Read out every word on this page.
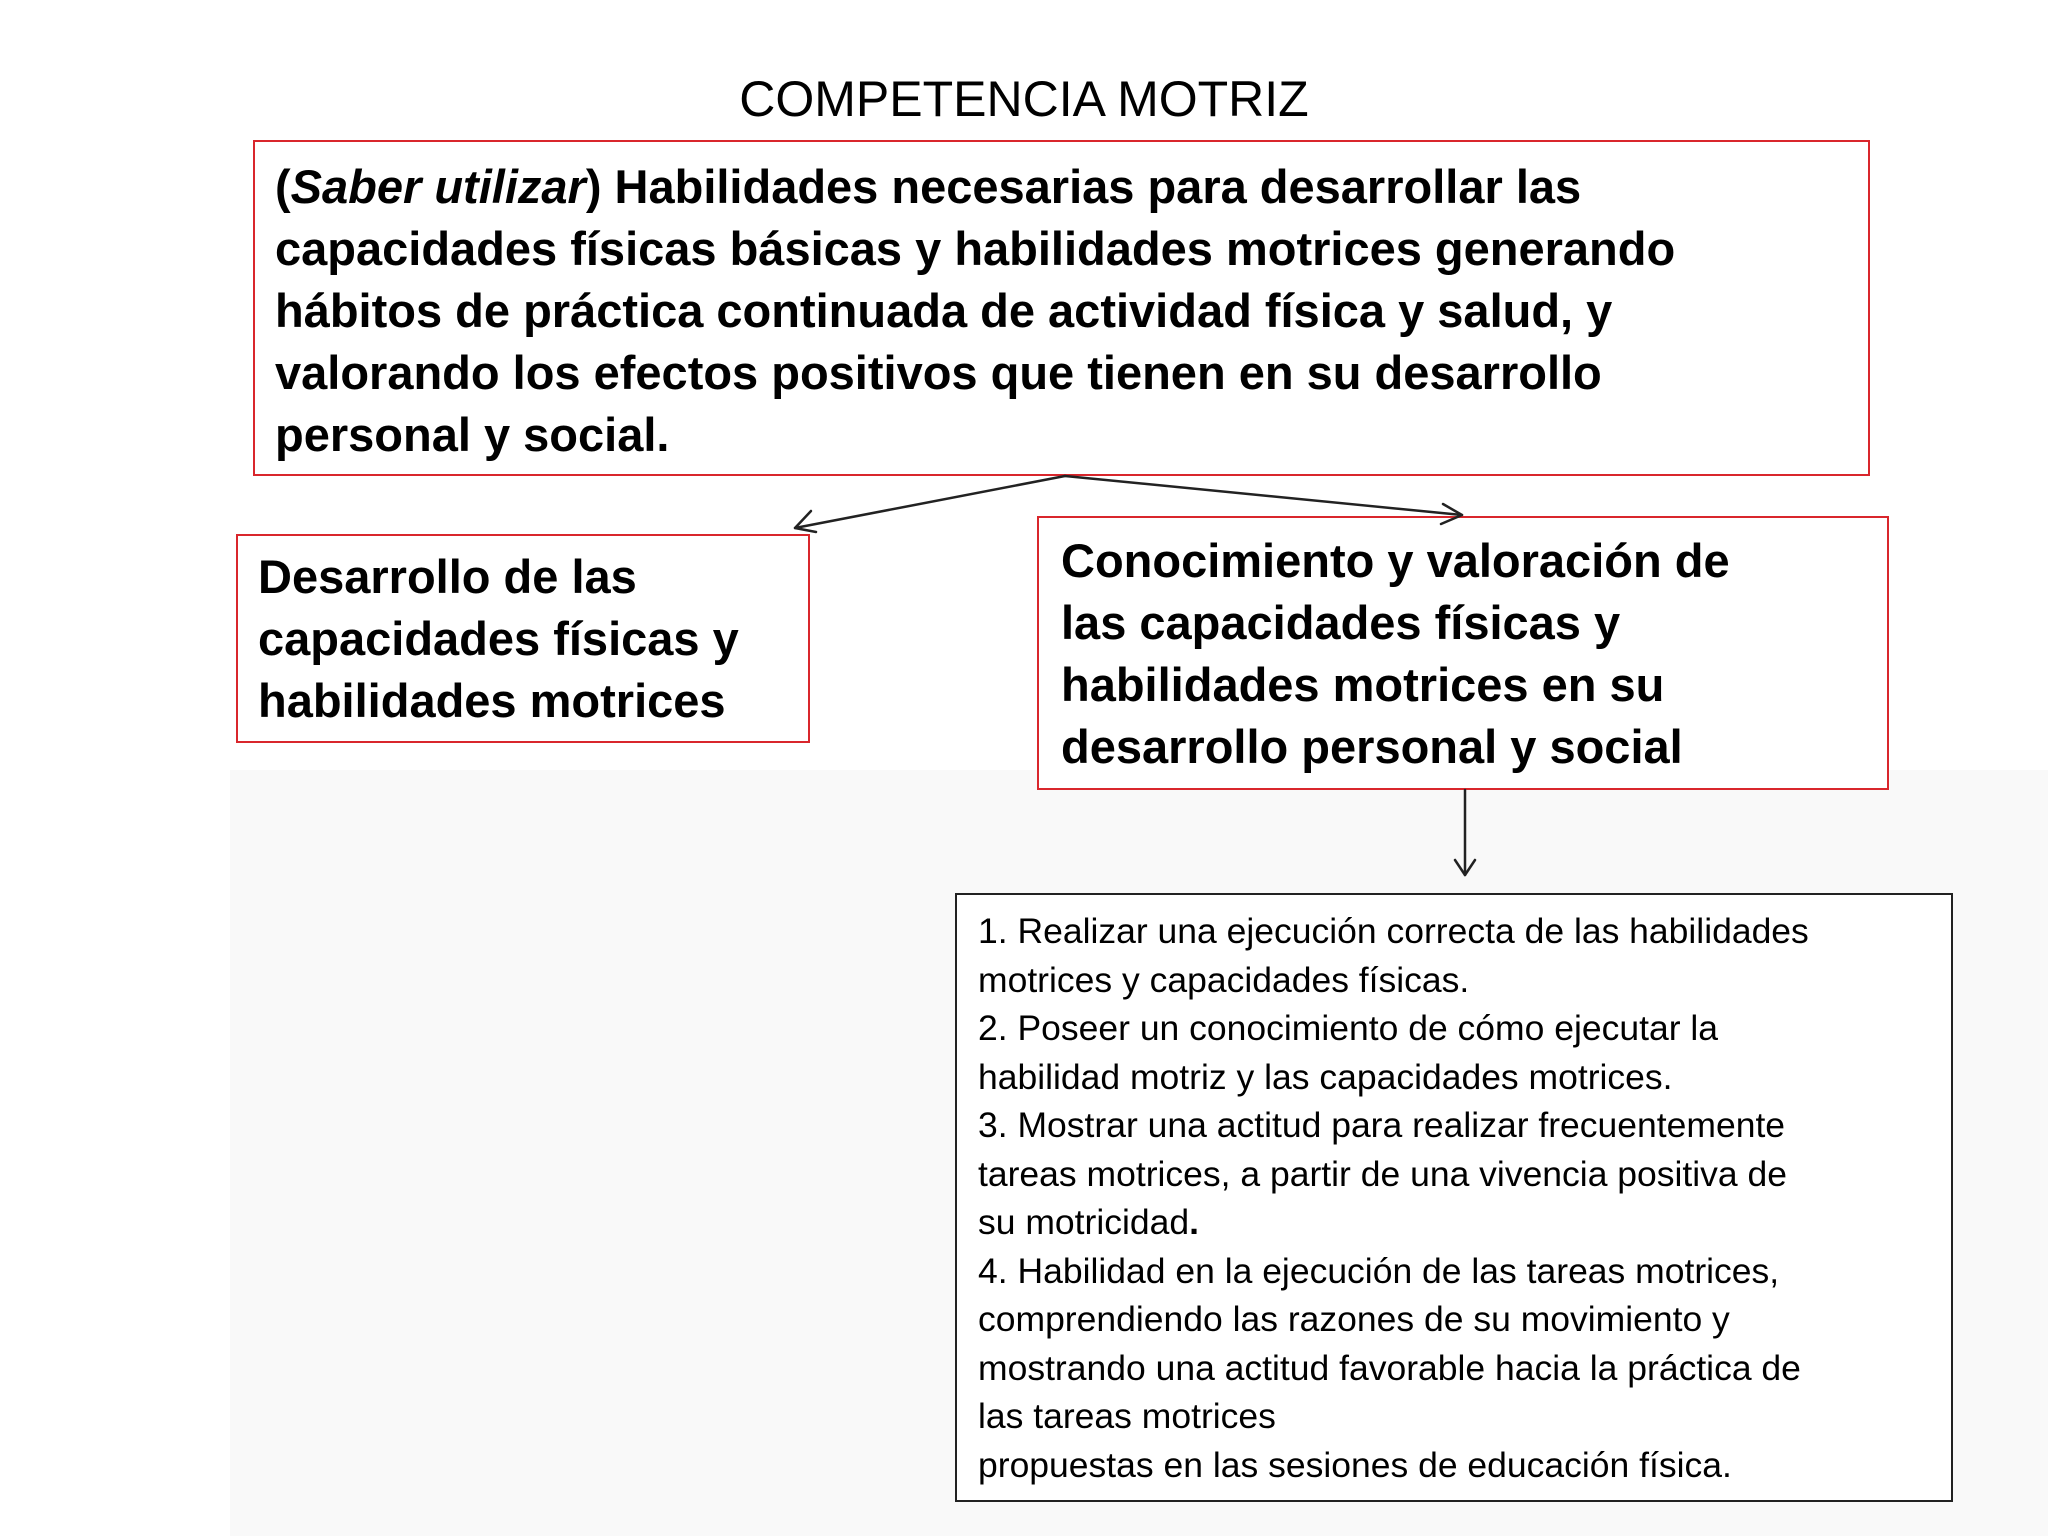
COMPETENCIA MOTRIZ
(Saber utilizar) Habilidades necesarias para desarrollar las
capacidades físicas básicas y habilidades motrices generando
hábitos de práctica continuada de actividad física y salud, y
valorando los efectos positivos que tienen en su desarrollo
personal y social.
Desarrollo de las
capacidades físicas y
habilidades motrices
Conocimiento y valoración de
las capacidades físicas y
habilidades motrices en su
desarrollo personal y social
1. Realizar una ejecución correcta de las habilidades
motrices y capacidades físicas.
2. Poseer un conocimiento de cómo ejecutar la
habilidad motriz y las capacidades motrices.
3. Mostrar una actitud para realizar frecuentemente
tareas motrices, a partir de una vivencia positiva de
su motricidad.
4. Habilidad en la ejecución de las tareas motrices,
comprendiendo las razones de su movimiento y
mostrando una actitud favorable hacia la práctica de
las tareas motrices
propuestas en las sesiones de educación física.
